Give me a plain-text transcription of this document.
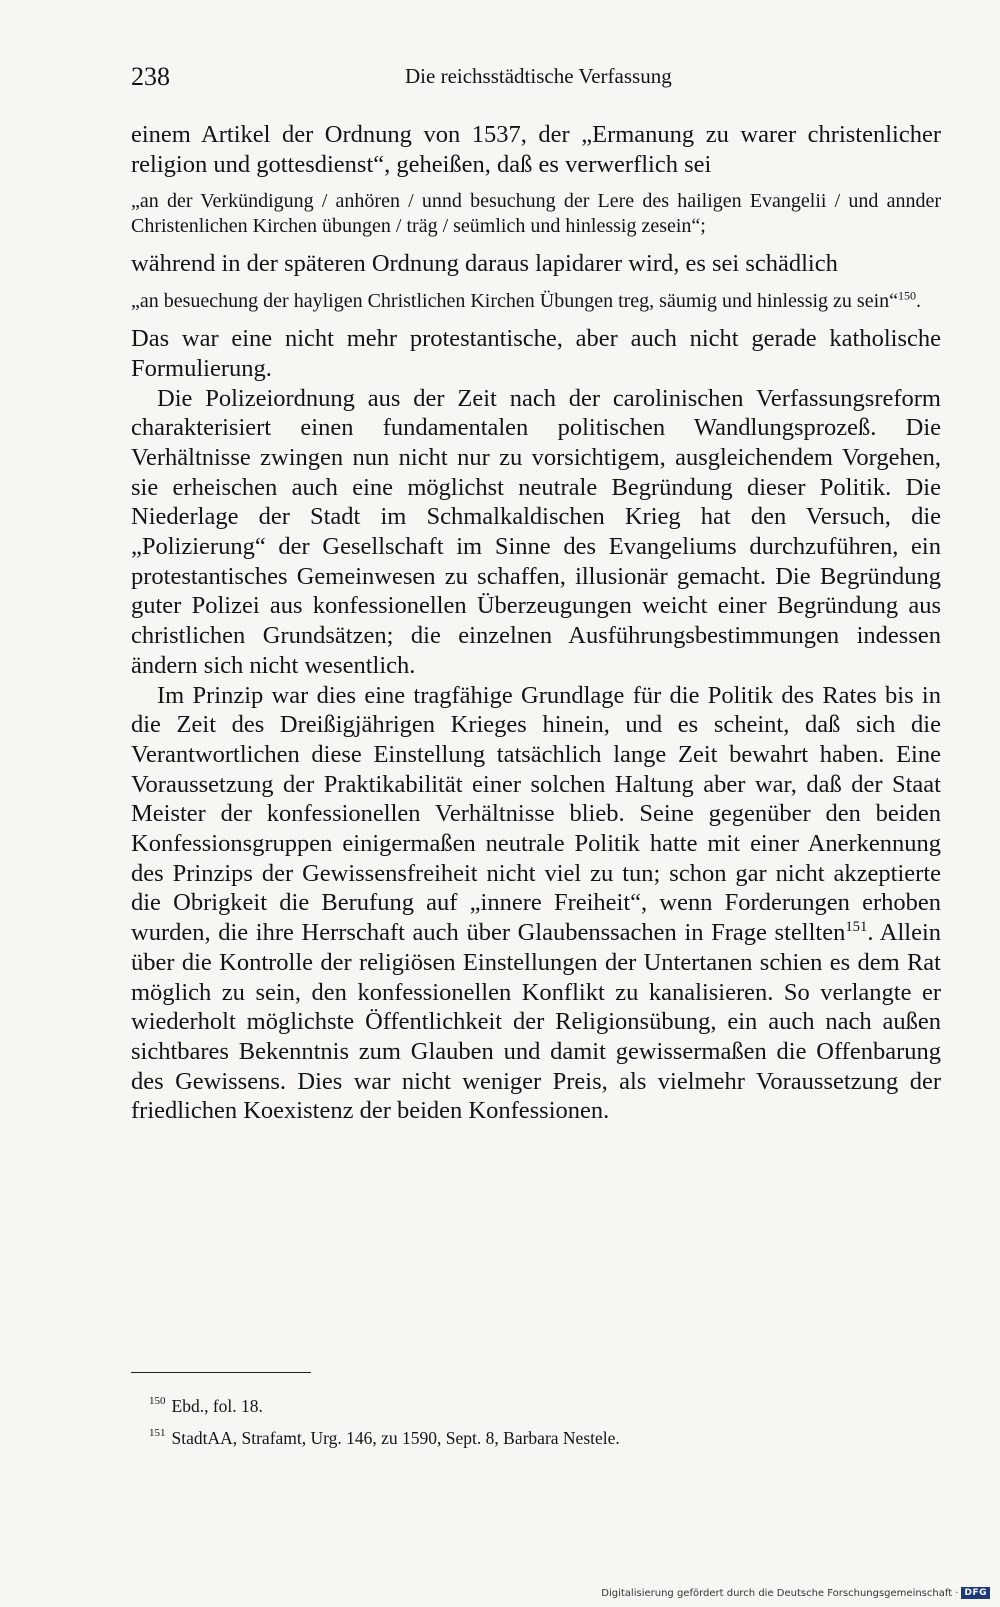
238	Die reichsstädtische Verfassung

einem Artikel der Ordnung von 1537, der „Ermanung zu warer christenlicher religion und gottesdienst“, geheißen, daß es verwerflich sei

„an der Verkündigung / anhören / unnd besuchung der Lere des hailigen Evangelii / und annder Christenlichen Kirchen übungen / träg / seümlich und hinlessig zesein“;

während in der späteren Ordnung daraus lapidarer wird, es sei schädlich

„an besuechung der hayligen Christlichen Kirchen Übungen treg, säumig und hinlessig zu sein“$^{150}$.

Das war eine nicht mehr protestantische, aber auch nicht gerade katholische Formulierung.

Die Polizeiordnung aus der Zeit nach der carolinischen Verfassungsreform charakterisiert einen fundamentalen politischen Wandlungsprozeß. Die Verhältnisse zwingen nun nicht nur zu vorsichtigem, ausgleichendem Vorgehen, sie erheischen auch eine möglichst neutrale Begründung dieser Politik. Die Niederlage der Stadt im Schmalkaldischen Krieg hat den Versuch, die „Polizierung“ der Gesellschaft im Sinne des Evangeliums durchzuführen, ein protestantisches Gemeinwesen zu schaffen, illusionär gemacht. Die Begründung guter Polizei aus konfessionellen Überzeugungen weicht einer Begründung aus christlichen Grundsätzen; die einzelnen Ausführungsbestimmungen indessen ändern sich nicht wesentlich.

Im Prinzip war dies eine tragfähige Grundlage für die Politik des Rates bis in die Zeit des Dreißigjährigen Krieges hinein, und es scheint, daß sich die Verantwortlichen diese Einstellung tatsächlich lange Zeit bewahrt haben. Eine Voraussetzung der Praktikabilität einer solchen Haltung aber war, daß der Staat Meister der konfessionellen Verhältnisse blieb. Seine gegenüber den beiden Konfessionsgruppen einigermaßen neutrale Politik hatte mit einer Anerkennung des Prinzips der Gewissensfreiheit nicht viel zu tun; schon gar nicht akzeptierte die Obrigkeit die Berufung auf „innere Freiheit“, wenn Forderungen erhoben wurden, die ihre Herrschaft auch über Glaubenssachen in Frage stellten$^{151}$. Allein über die Kontrolle der religiösen Einstellungen der Untertanen schien es dem Rat möglich zu sein, den konfessionellen Konflikt zu kanalisieren. So verlangte er wiederholt möglichste Öffentlichkeit der Religionsübung, ein auch nach außen sichtbares Bekenntnis zum Glauben und damit gewissermaßen die Offenbarung des Gewissens. Dies war nicht weniger Preis, als vielmehr Voraussetzung der friedlichen Koexistenz der beiden Konfessionen.

$^{150}$ Ebd., fol. 18.
$^{151}$ StadtAA, Strafamt, Urg. 146, zu 1590, Sept. 8, Barbara Nestele.
Digitalisierung gefördert durch die Deutsche Forschungsgemeinschaft · DFG
